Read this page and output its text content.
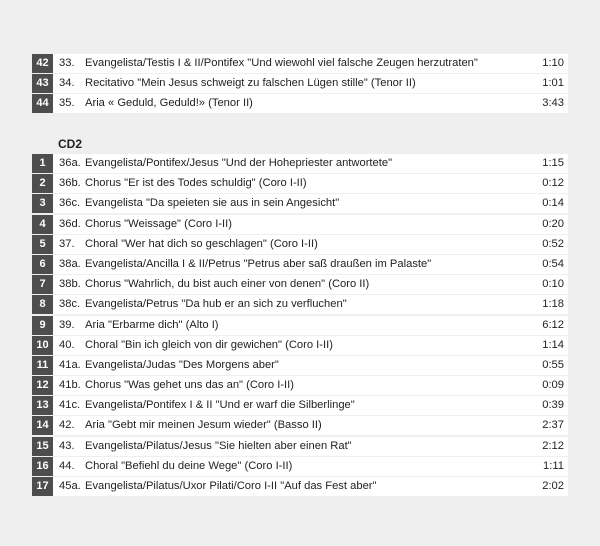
42 33. Evangelista/Testis I & II/Pontifex "Und wiewohl viel falsche Zeugen herzutraten"	1:10
43 34. Recitativo "Mein Jesus schweigt zu falschen Lügen stille" (Tenor II)	1:01
44 35. Aria « Geduld, Geduld!» (Tenor II)	3:43
CD2
1	36a. Evangelista/Pontifex/Jesus "Und der Hohepriester antwortete"	1:15
2	36b. Chorus "Er ist des Todes schuldig" (Coro I-II)	0:12
3	36c. Evangelista "Da speieten sie aus in sein Angesicht"	0:14
4	36d. Chorus "Weissage" (Coro I-II)	0:20
5	37. Choral "Wer hat dich so geschlagen" (Coro I-II)	0:52
6	38a. Evangelista/Ancilla I & II/Petrus "Petrus aber saß draußen im Palaste"	0:54
7	38b. Chorus "Wahrlich, du bist auch einer von denen" (Coro II)	0:10
8	38c. Evangelista/Petrus "Da hub er an sich zu verfluchen"	1:18
9	39. Aria "Erbarme dich" (Alto I)	6:12
10 40. Choral "Bin ich gleich von dir gewichen" (Coro I-II)	1:14
11 41a. Evangelista/Judas "Des Morgens aber"	0:55
12 41b. Chorus "Was gehet uns das an" (Coro I-II)	0:09
13 41c. Evangelista/Pontifex I & II "Und er warf die Silberlinge"	0:39
14 42. Aria "Gebt mir meinen Jesum wieder" (Basso II)	2:37
15 43. Evangelista/Pilatus/Jesus "Sie hielten aber einen Rat"	2:12
16 44. Choral "Befiehl du deine Wege" (Coro I-II)	1:11
17 45a. Evangelista/Pilatus/Uxor Pilati/Coro I-II "Auf das Fest aber"	2:02
